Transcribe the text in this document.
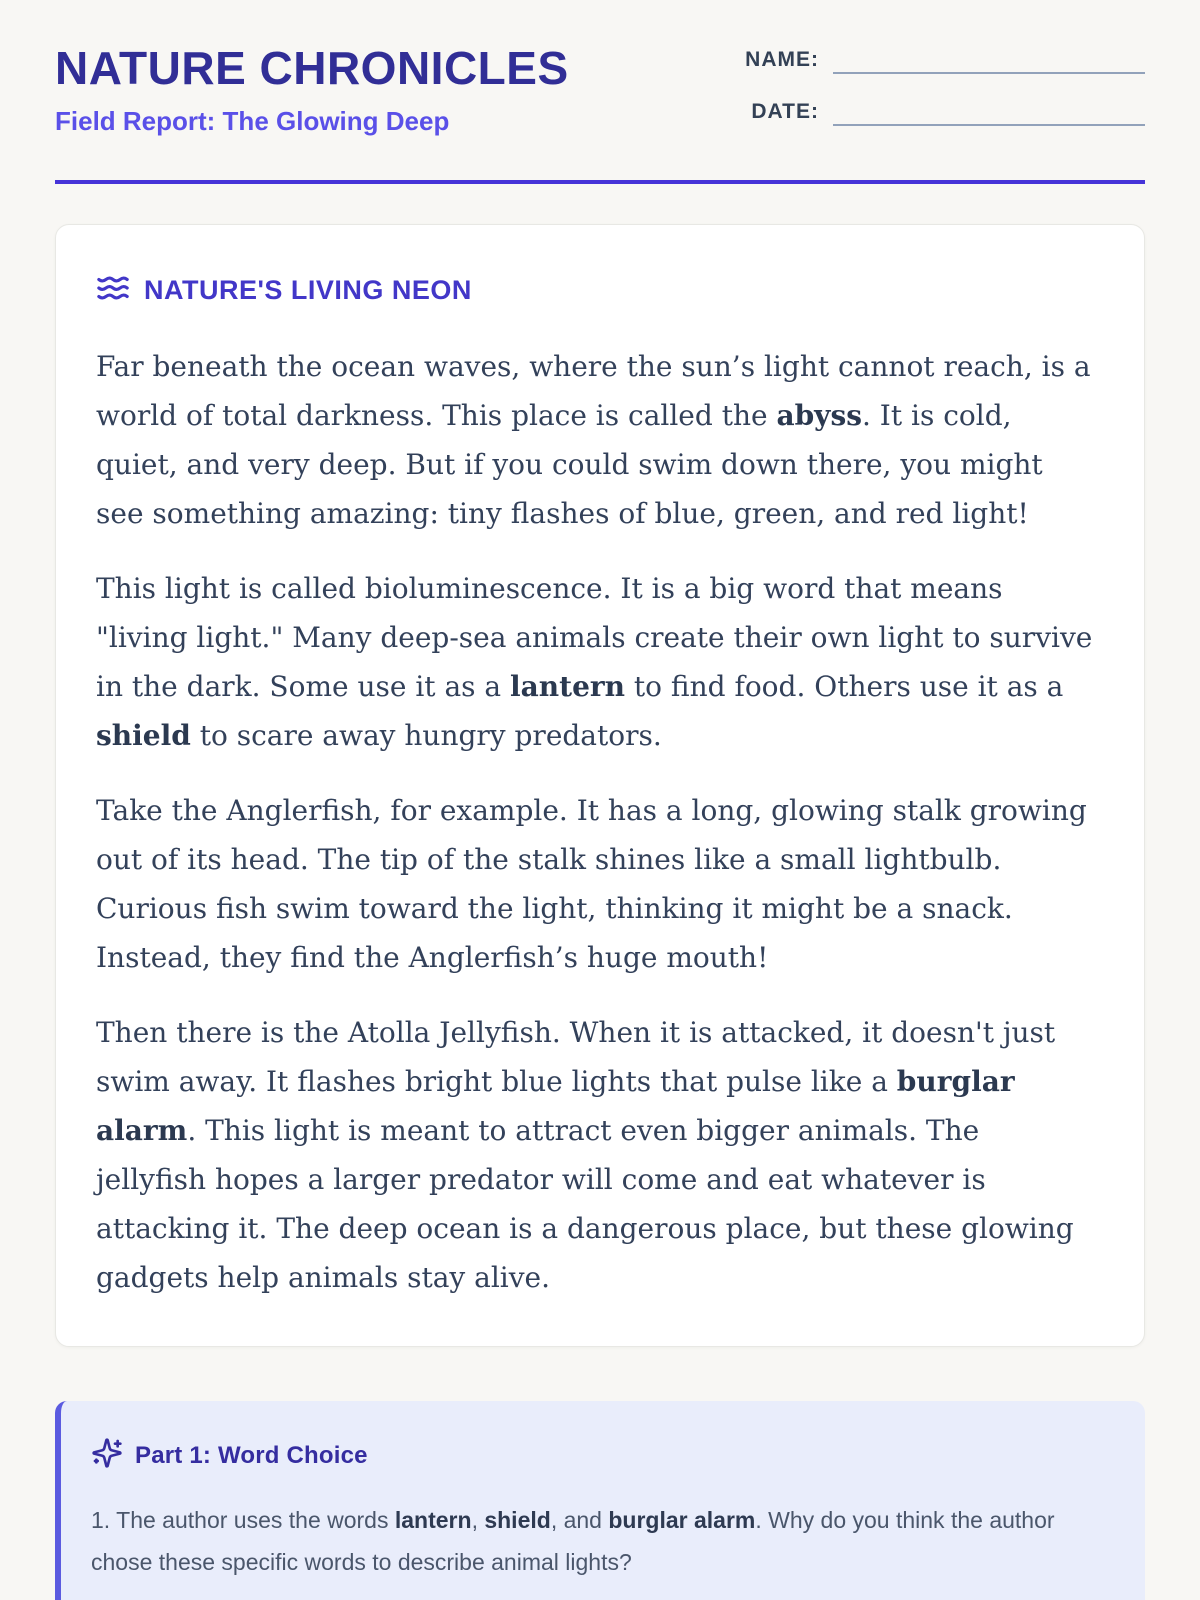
NATURE CHRONICLES
Field Report: The Glowing Deep
NAME:
DATE:
NATURE'S LIVING NEON

Far beneath the ocean waves, where the sun’s light cannot reach, is a world of total darkness. This place is called the abyss. It is cold, quiet, and very deep. But if you could swim down there, you might see something amazing: tiny flashes of blue, green, and red light!

This light is called bioluminescence. It is a big word that means "living light." Many deep-sea animals create their own light to survive in the dark. Some use it as a lantern to find food. Others use it as a shield to scare away hungry predators.

Take the Anglerfish, for example. It has a long, glowing stalk growing out of its head. The tip of the stalk shines like a small lightbulb. Curious fish swim toward the light, thinking it might be a snack. Instead, they find the Anglerfish’s huge mouth!

Then there is the Atolla Jellyfish. When it is attacked, it doesn't just swim away. It flashes bright blue lights that pulse like a burglar alarm. This light is meant to attract even bigger animals. The jellyfish hopes a larger predator will come and eat whatever is attacking it. The deep ocean is a dangerous place, but these glowing gadgets help animals stay alive.

Part 1: Word Choice

1. The author uses the words lantern, shield, and burglar alarm. Why do you think the author chose these specific words to describe animal lights?
